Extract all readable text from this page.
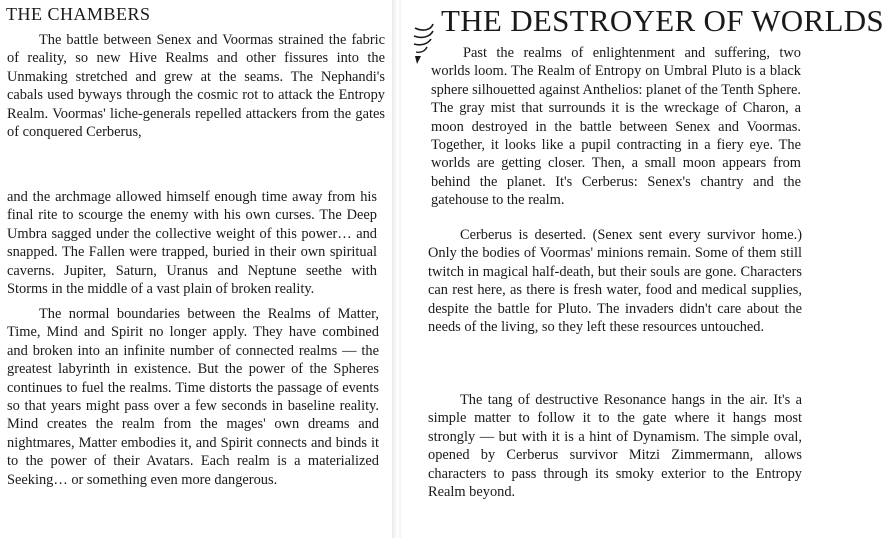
THE CHAMBERS

The battle between Senex and Voormas strained the fabric of reality, so new Hive Realms and other fissures into the Unmaking stretched and grew at the seams. The Nephandi's cabals used byways through the cosmic rot to attack the Entropy Realm. Voormas' liche-generals repelled attackers from the gates of conquered Cerberus,

and the archmage allowed himself enough time away from his final rite to scourge the enemy with his own curses. The Deep Umbra sagged under the collective weight of this power… and snapped. The Fallen were trapped, buried in their own spiritual caverns. Jupiter, Saturn, Uranus and Neptune seethe with Storms in the middle of a vast plain of broken reality.

The normal boundaries between the Realms of Matter, Time, Mind and Spirit no longer apply. They have combined and broken into an infinite number of connected realms — the greatest labyrinth in existence. But the power of the Spheres continues to fuel the realms. Time distorts the passage of events so that years might pass over a few seconds in baseline reality. Mind creates the realm from the mages' own dreams and nightmares, Matter embodies it, and Spirit connects and binds it to the power of their Avatars. Each realm is a materialized Seeking… or something even more dangerous.

THE DESTROYER OF WORLDS

Past the realms of enlightenment and suffering, two worlds loom. The Realm of Entropy on Umbral Pluto is a black sphere silhouetted against Anthelios: planet of the Tenth Sphere. The gray mist that surrounds it is the wreckage of Charon, a moon destroyed in the battle between Senex and Voormas. Together, it looks like a pupil contracting in a fiery eye. The worlds are getting closer. Then, a small moon appears from behind the planet. It's Cerberus: Senex's chantry and the gatehouse to the realm.

Cerberus is deserted. (Senex sent every survivor home.) Only the bodies of Voormas' minions remain. Some of them still twitch in magical half-death, but their souls are gone. Characters can rest here, as there is fresh water, food and medical supplies, despite the battle for Pluto. The invaders didn't care about the needs of the living, so they left these resources untouched.

The tang of destructive Resonance hangs in the air. It's a simple matter to follow it to the gate where it hangs most strongly — but with it is a hint of Dynamism. The simple oval, opened by Cerberus survivor Mitzi Zimmermann, allows characters to pass through its smoky exterior to the Entropy Realm beyond.
